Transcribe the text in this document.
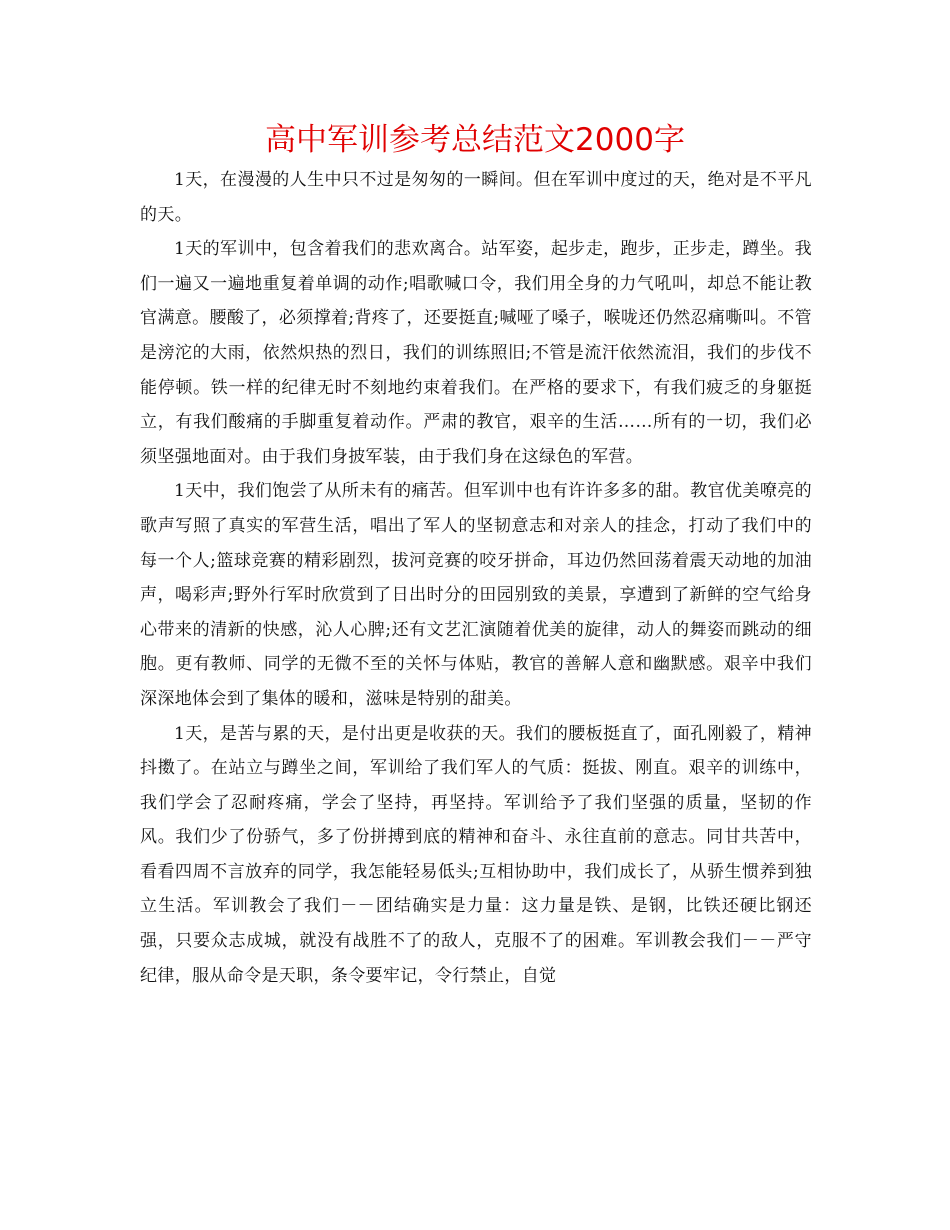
高中军训参考总结范文2000字

1天，在漫漫的人生中只不过是匆匆的一瞬间。但在军训中度过的天，绝对是不平凡的天。

1天的军训中，包含着我们的悲欢离合。站军姿，起步走，跑步，正步走，蹲坐。我们一遍又一遍地重复着单调的动作;唱歌喊口令，我们用全身的力气吼叫，却总不能让教官满意。腰酸了，必须撑着;背疼了，还要挺直;喊哑了嗓子，喉咙还仍然忍痛嘶叫。不管是滂沱的大雨，依然炽热的烈日，我们的训练照旧;不管是流汗依然流泪，我们的步伐不能停顿。铁一样的纪律无时不刻地约束着我们。在严格的要求下，有我们疲乏的身躯挺立，有我们酸痛的手脚重复着动作。严肃的教官，艰辛的生活……所有的一切，我们必须坚强地面对。由于我们身披军装，由于我们身在这绿色的军营。

1天中，我们饱尝了从所未有的痛苦。但军训中也有许许多多的甜。教官优美嘹亮的歌声写照了真实的军营生活，唱出了军人的坚韧意志和对亲人的挂念，打动了我们中的每一个人;篮球竞赛的精彩剧烈，拔河竞赛的咬牙拼命，耳边仍然回荡着震天动地的加油声，喝彩声;野外行军时欣赏到了日出时分的田园别致的美景，享遭到了新鲜的空气给身心带来的清新的快感，沁人心脾;还有文艺汇演随着优美的旋律，动人的舞姿而跳动的细胞。更有教师、同学的无微不至的关怀与体贴，教官的善解人意和幽默感。艰辛中我们深深地体会到了集体的暖和，滋味是特别的甜美。

1天，是苦与累的天，是付出更是收获的天。我们的腰板挺直了，面孔刚毅了，精神抖擞了。在站立与蹲坐之间，军训给了我们军人的气质：挺拔、刚直。艰辛的训练中，我们学会了忍耐疼痛，学会了坚持，再坚持。军训给予了我们坚强的质量，坚韧的作风。我们少了份骄气，多了份拼搏到底的精神和奋斗、永往直前的意志。同甘共苦中，看看四周不言放弃的同学，我怎能轻易低头;互相协助中，我们成长了，从骄生惯养到独立生活。军训教会了我们－－团结确实是力量：这力量是铁、是钢，比铁还硬比钢还强，只要众志成城，就没有战胜不了的敌人，克服不了的困难。军训教会我们－－严守纪律，服从命令是天职，条令要牢记，令行禁止，自觉
